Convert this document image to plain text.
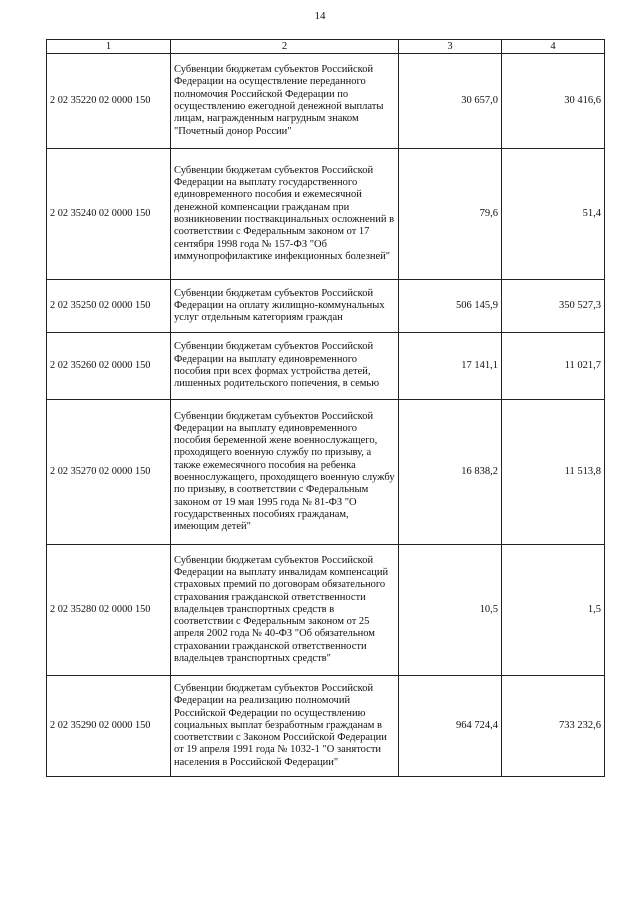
14
1	2	3	4
2 02 35220 02 0000 150	Субвенции бюджетам субъектов Российской Федерации на осуществление переданного полномочия Российской Федерации по осуществлению ежегодной денежной выплаты лицам, награжденным нагрудным знаком "Почетный донор России"	30 657,0	30 416,6
2 02 35240 02 0000 150	Субвенции бюджетам субъектов Российской Федерации на выплату государственного единовременного пособия и ежемесячной денежной компенсации гражданам при возникновении поствакцинальных осложнений в соответствии с Федеральным законом от 17 сентября 1998 года № 157-ФЗ "Об иммунопрофилактике инфекционных болезней"	79,6	51,4
2 02 35250 02 0000 150	Субвенции бюджетам субъектов Российской Федерации на оплату жилищно-коммунальных услуг отдельным категориям граждан	506 145,9	350 527,3
2 02 35260 02 0000 150	Субвенции бюджетам субъектов Российской Федерации на выплату единовременного пособия при всех формах устройства детей, лишенных родительского попечения, в семью	17 141,1	11 021,7
2 02 35270 02 0000 150	Субвенции бюджетам субъектов Российской Федерации на выплату единовременного пособия беременной жене военнослужащего, проходящего военную службу по призыву, а также ежемесячного пособия на ребенка военнослужащего, проходящего военную службу по призыву, в соответствии с Федеральным законом от 19 мая 1995 года № 81-ФЗ "О государственных пособиях гражданам, имеющим детей"	16 838,2	11 513,8
2 02 35280 02 0000 150	Субвенции бюджетам субъектов Российской Федерации на выплату инвалидам компенсаций страховых премий по договорам обязательного страхования гражданской ответственности владельцев транспортных средств в соответствии с Федеральным законом от 25 апреля 2002 года № 40-ФЗ "Об обязательном страховании гражданской ответственности владельцев транспортных средств"	10,5	1,5
2 02 35290 02 0000 150	Субвенции бюджетам субъектов Российской Федерации на реализацию полномочий Российской Федерации по осуществлению социальных выплат безработным гражданам в соответствии с Законом Российской Федерации от 19 апреля 1991 года № 1032-1 "О занятости населения в Российской Федерации"	964 724,4	733 232,6
